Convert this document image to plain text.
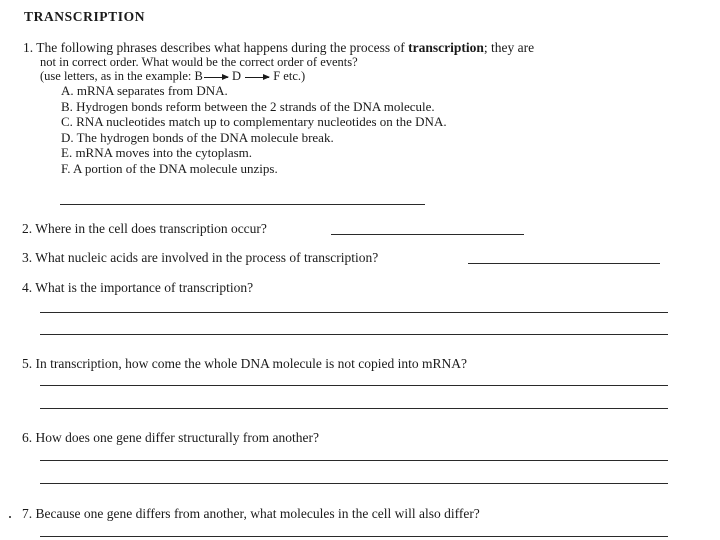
TRANSCRIPTION
1. The following phrases describes what happens during the process of transcription; they are
not in correct order. What would be the correct order of events?
(use letters, as in the example: B D	F etc.)
A. mRNA separates from DNA.
B. Hydrogen bonds reform between the 2 strands of the DNA molecule.
C. RNA nucleotides match up to complementary nucleotides on the DNA.
D. The hydrogen bonds of the DNA molecule break.
E. mRNA moves into the cytoplasm.
F. A portion of the DNA molecule unzips.
2. Where in the cell does transcription occur?
3. What nucleic acids are involved in the process of transcription?
4. What is the importance of transcription?
5. In transcription, how come the whole DNA molecule is not copied into mRNA?
6. How does one gene differ structurally from another?
7. Because one gene differs from another, what molecules in the cell will also differ?
